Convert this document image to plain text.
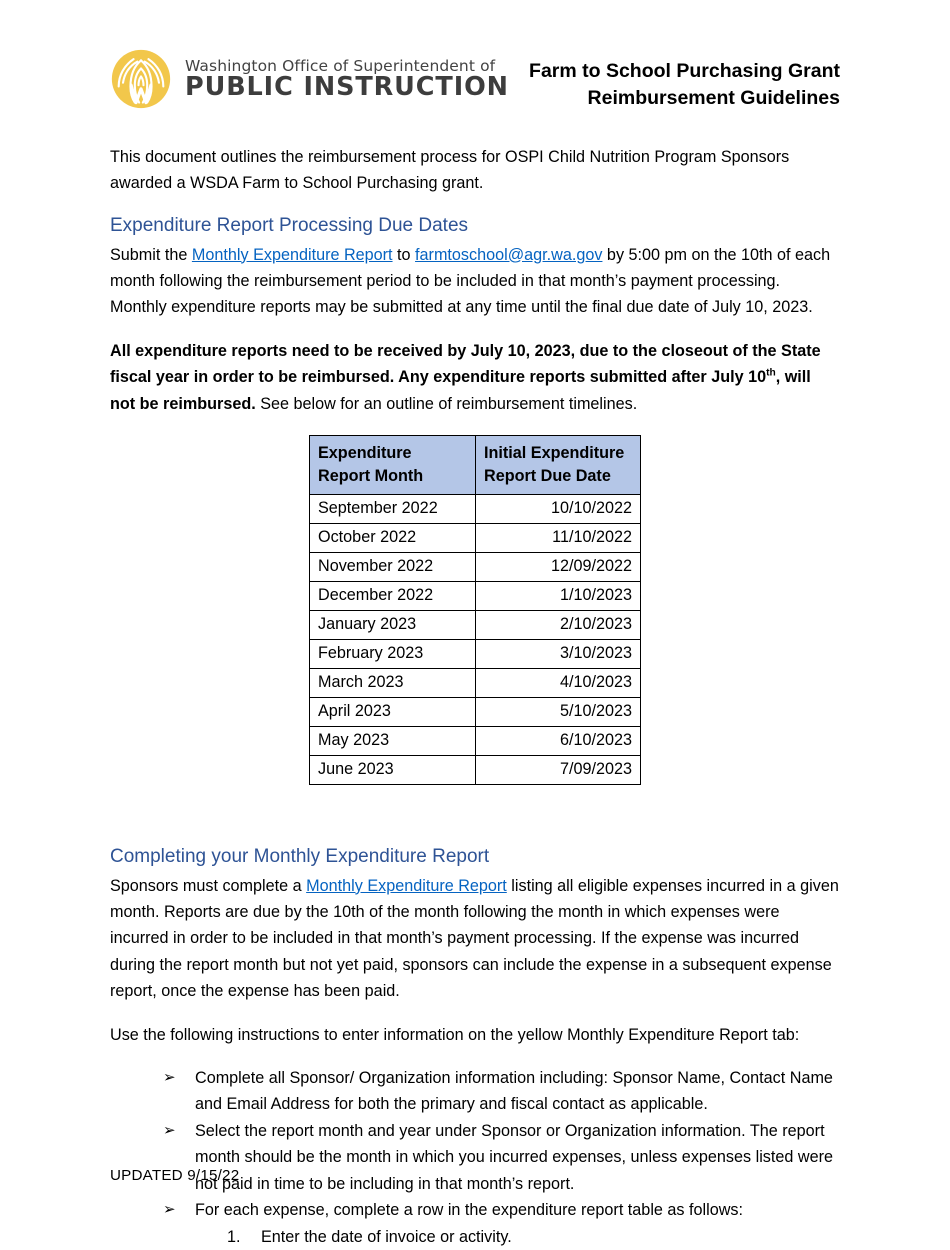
Washington Office of Superintendent of PUBLIC INSTRUCTION
Farm to School Purchasing Grant
Reimbursement Guidelines

This document outlines the reimbursement process for OSPI Child Nutrition Program Sponsors awarded a WSDA Farm to School Purchasing grant.

Expenditure Report Processing Due Dates

Submit the Monthly Expenditure Report to farmtoschool@agr.wa.gov by 5:00 pm on the 10th of each month following the reimbursement period to be included in that month’s payment processing. Monthly expenditure reports may be submitted at any time until the final due date of July 10, 2023.

All expenditure reports need to be received by July 10, 2023, due to the closeout of the State fiscal year in order to be reimbursed. Any expenditure reports submitted after July 10th, will not be reimbursed. See below for an outline of reimbursement timelines.

Expenditure
Report Month

Initial Expenditure
Report Due Date

September 2022	10/10/2022
October 2022	11/10/2022
November 2022	12/09/2022
December 2022	1/10/2023
January 2023	2/10/2023
February 2023	3/10/2023
March 2023	4/10/2023
April 2023	5/10/2023
May 2023	6/10/2023
June 2023	7/09/2023
Completing your Monthly Expenditure Report

Sponsors must complete a Monthly Expenditure Report listing all eligible expenses incurred in a given month. Reports are due by the 10th of the month following the month in which expenses were incurred in order to be included in that month’s payment processing. If the expense was incurred during the report month but not yet paid, sponsors can include the expense in a subsequent expense report, once the expense has been paid.

Use the following instructions to enter information on the yellow Monthly Expenditure Report tab:

➢ Complete all Sponsor/ Organization information including: Sponsor Name, Contact Name and Email Address for both the primary and fiscal contact as applicable.
➢ Select the report month and year under Sponsor or Organization information. The report month should be the month in which you incurred expenses, unless expenses listed were not paid in time to be including in that month’s report.
➢ For each expense, complete a row in the expenditure report table as follows:
1. Enter the date of invoice or activity.
UPDATED 9/15/22
